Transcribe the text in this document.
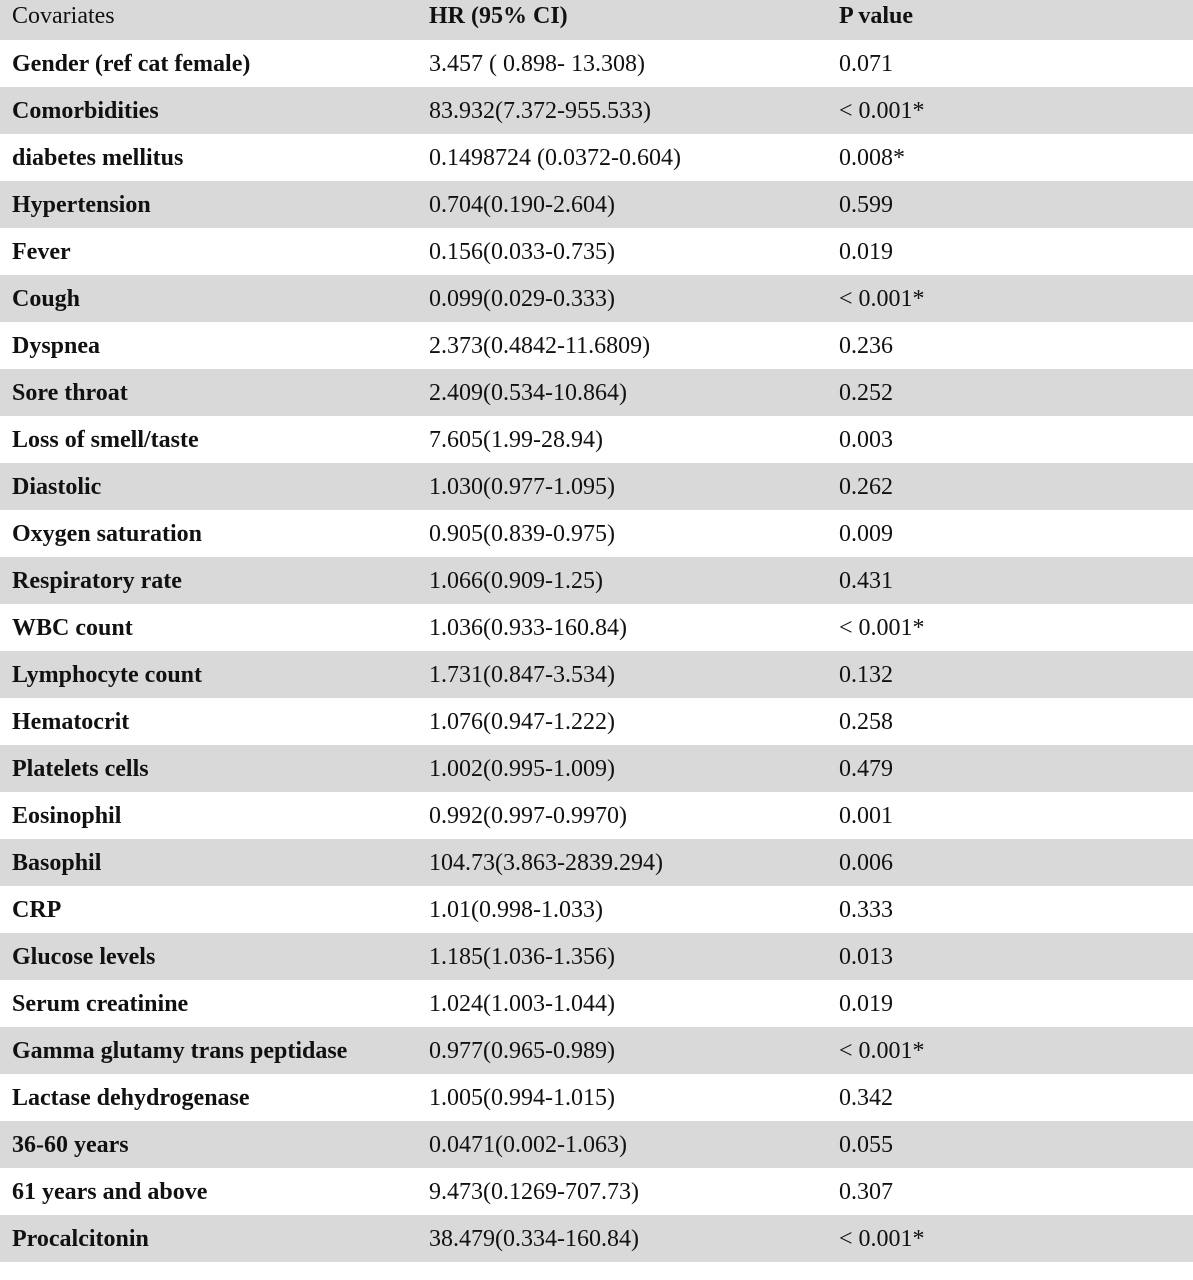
Covariates	HR (95% CI)	P value
Gender (ref cat female)	3.457 ( 0.898- 13.308)	0.071
Comorbidities	83.932(7.372-955.533)	< 0.001*
diabetes mellitus	0.1498724 (0.0372-0.604)	0.008*
Hypertension	0.704(0.190-2.604)	0.599
Fever	0.156(0.033-0.735)	0.019
Cough	0.099(0.029-0.333)	< 0.001*
Dyspnea	2.373(0.4842-11.6809)	0.236
Sore throat	2.409(0.534-10.864)	0.252
Loss of smell/taste	7.605(1.99-28.94)	0.003
Diastolic	1.030(0.977-1.095)	0.262
Oxygen saturation	0.905(0.839-0.975)	0.009
Respiratory rate	1.066(0.909-1.25)	0.431
WBC count	1.036(0.933-160.84)	< 0.001*
Lymphocyte count	1.731(0.847-3.534)	0.132
Hematocrit	1.076(0.947-1.222)	0.258
Platelets cells	1.002(0.995-1.009)	0.479
Eosinophil	0.992(0.997-0.9970)	0.001
Basophil	104.73(3.863-2839.294)	0.006
CRP	1.01(0.998-1.033)	0.333
Glucose levels	1.185(1.036-1.356)	0.013
Serum creatinine	1.024(1.003-1.044)	0.019
Gamma glutamy trans peptidase	0.977(0.965-0.989)	< 0.001*
Lactase dehydrogenase	1.005(0.994-1.015)	0.342
36-60 years	0.0471(0.002-1.063)	0.055
61 years and above	9.473(0.1269-707.73)	0.307
Procalcitonin	38.479(0.334-160.84)	< 0.001*
